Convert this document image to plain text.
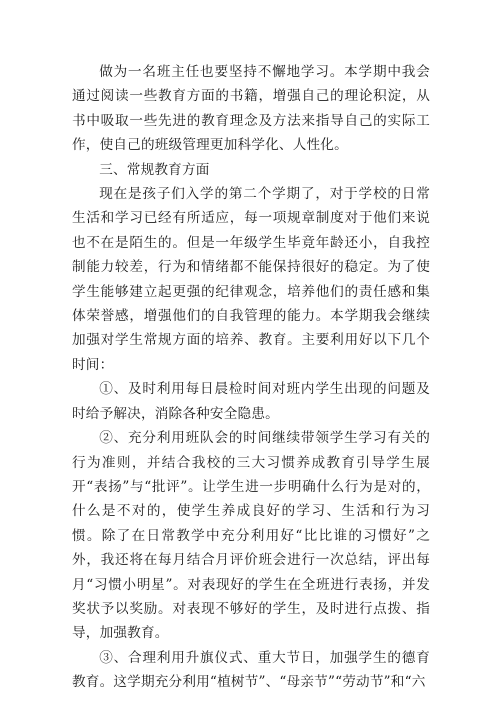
做为一名班主任也要坚持不懈地学习。本学期中我会通过阅读一些教育方面的书籍，增强自己的理论积淀，从书中吸取一些先进的教育理念及方法来指导自己的实际工作，使自己的班级管理更加科学化、人性化。

三、常规教育方面

现在是孩子们入学的第二个学期了，对于学校的日常生活和学习已经有所适应，每一项规章制度对于他们来说也不在是陌生的。但是一年级学生毕竟年龄还小，自我控制能力较差，行为和情绪都不能保持很好的稳定。为了使学生能够建立起更强的纪律观念，培养他们的责任感和集体荣誉感，增强他们的自我管理的能力。本学期我会继续加强对学生常规方面的培养、教育。主要利用好以下几个时间：

①、及时利用每日晨检时间对班内学生出现的问题及时给予解决，消除各种安全隐患。

②、充分利用班队会的时间继续带领学生学习有关的行为准则，并结合我校的三大习惯养成教育引导学生展开“表扬”与“批评”。让学生进一步明确什么行为是对的，什么是不对的，使学生养成良好的学习、生活和行为习惯。除了在日常教学中充分利用好“比比谁的习惯好”之外，我还将在每月结合月评价班会进行一次总结，评出每月“习惯小明星”。对表现好的学生在全班进行表扬，并发奖状予以奖励。对表现不够好的学生，及时进行点拨、指导，加强教育。

③、合理利用升旗仪式、重大节日，加强学生的德育教育。这学期充分利用“植树节”、“母亲节”“劳动节”和“六
